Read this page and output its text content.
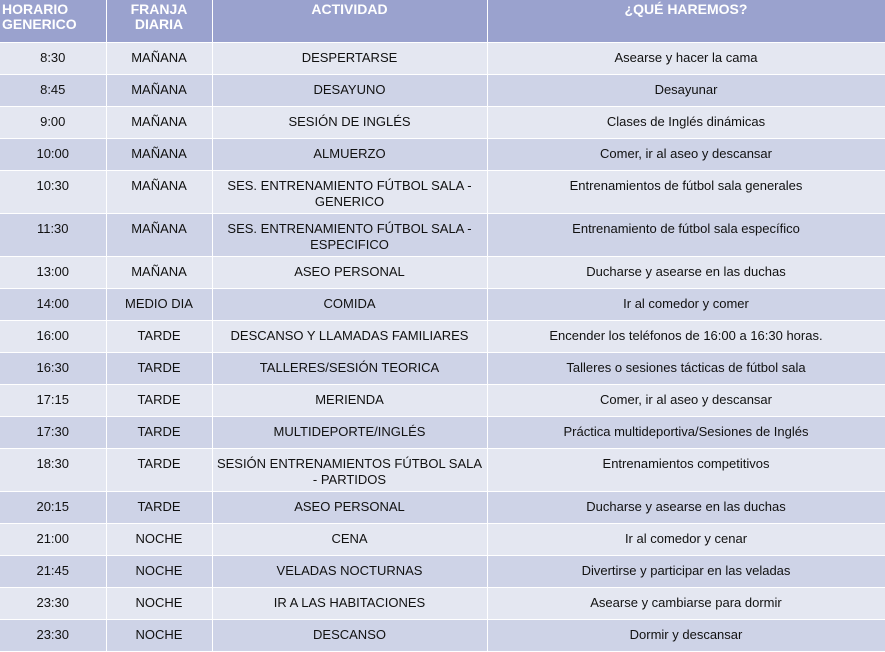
HORARIO GENERICO	FRANJA DIARIA	ACTIVIDAD	¿QUÉ HAREMOS?
8:30	MAÑANA	DESPERTARSE	Asearse y hacer la cama
8:45	MAÑANA	DESAYUNO	Desayunar
9:00	MAÑANA	SESIÓN DE INGLÉS	Clases de Inglés dinámicas
10:00	MAÑANA	ALMUERZO	Comer, ir al aseo y descansar
10:30	MAÑANA	SES. ENTRENAMIENTO FÚTBOL SALA - GENERICO	Entrenamientos de fútbol sala generales
11:30	MAÑANA	SES. ENTRENAMIENTO FÚTBOL SALA - ESPECIFICO	Entrenamiento de fútbol sala específico
13:00	MAÑANA	ASEO PERSONAL	Ducharse y asearse en las duchas
14:00	MEDIO DIA	COMIDA	Ir al comedor y comer
16:00	TARDE	DESCANSO Y LLAMADAS FAMILIARES	Encender los teléfonos de 16:00 a 16:30 horas.
16:30	TARDE	TALLERES/SESIÓN TEORICA	Talleres o sesiones tácticas de fútbol sala
17:15	TARDE	MERIENDA	Comer, ir al aseo y descansar
17:30	TARDE	MULTIDEPORTE/INGLÉS	Práctica multideportiva/Sesiones de Inglés
18:30	TARDE	SESIÓN ENTRENAMIENTOS FÚTBOL SALA - PARTIDOS	Entrenamientos competitivos
20:15	TARDE	ASEO PERSONAL	Ducharse y asearse en las duchas
21:00	NOCHE	CENA	Ir al comedor y cenar
21:45	NOCHE	VELADAS NOCTURNAS	Divertirse y participar en las veladas
23:30	NOCHE	IR A LAS HABITACIONES	Asearse y cambiarse para dormir
23:30	NOCHE	DESCANSO	Dormir y descansar
